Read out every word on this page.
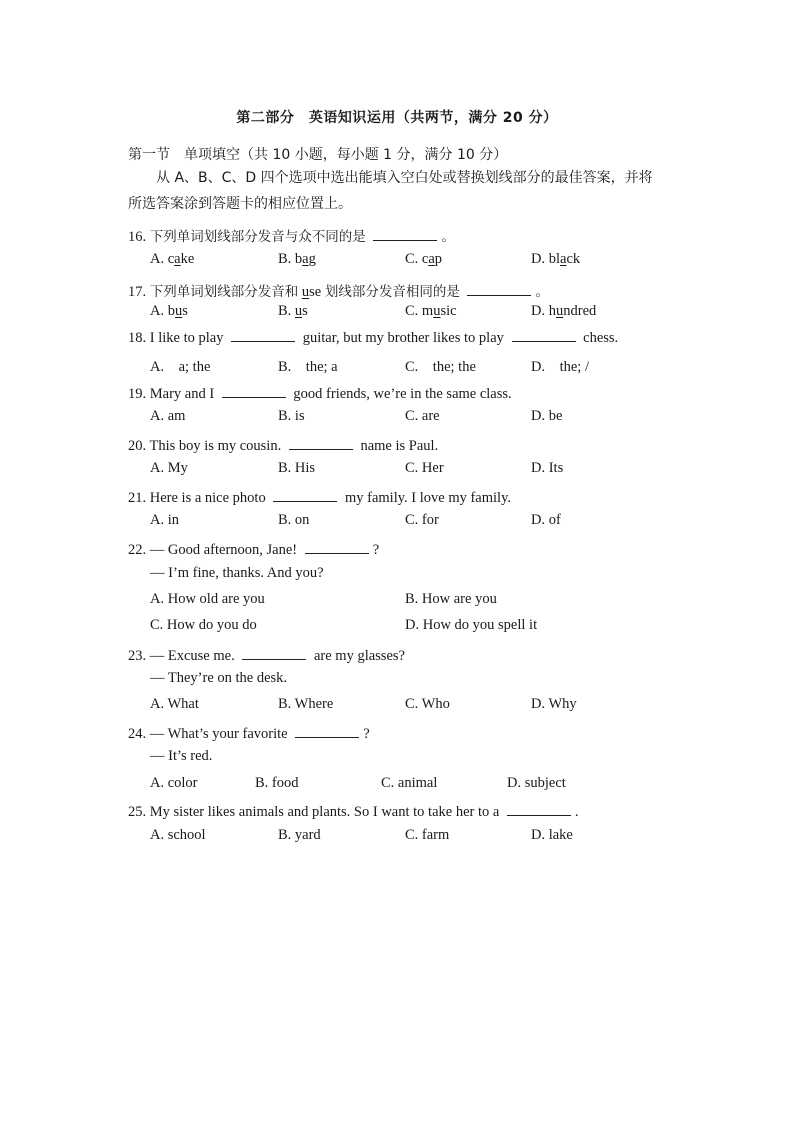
第二部分　英语知识运用（共两节，满分 20 分）
第一节　单项填空（共 10 小题，每小题 1 分，满分 10 分）
从 A、B、C、D 四个选项中选出能填入空白处或替换划线部分的最佳答案，并将所选答案涂到答题卡的相应位置上。
16. 下列单词划线部分发音与众不同的是	。
A. cake	B. bag	C. cap	D. black
17. 下列单词划线部分发音和 use 划线部分发音相同的是	。
A. bus	B. us	C. music	D. hundred
18. I like to play	guitar, but my brother likes to play	chess.
A.　a; the	B.　the; a	C.　the; the	D.　the; /
19. Mary and I	good friends, we’re in the same class.
A. am	B. is	C. are	D. be
20. This boy is my cousin.	name is Paul.
A. My	B. His	C. Her	D. Its
21. Here is a nice photo	my family. I love my family.
A. in	B. on	C. for	D. of
22. — Good afternoon, Jane!	?
— I’m fine, thanks. And you?
A. How old are you	B. How are you
C. How do you do	D. How do you spell it
23. — Excuse me.	are my glasses?
— They’re on the desk.
A. What	B. Where	C. Who	D. Why
24. — What’s your favorite	?
— It’s red.
A. color	B. food	C. animal	D. subject
25. My sister likes animals and plants. So I want to take her to a	.
A. school	B. yard	C. farm	D. lake
